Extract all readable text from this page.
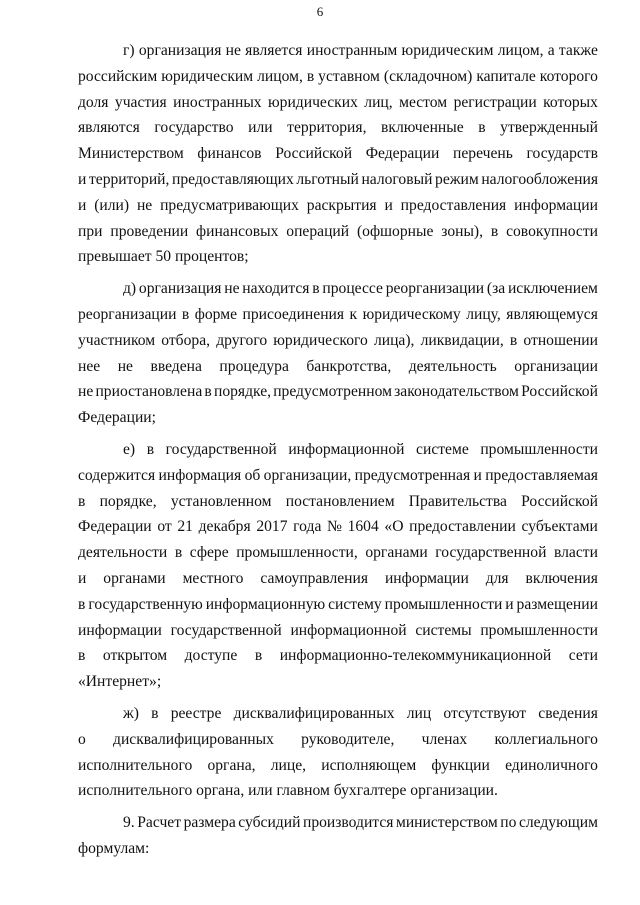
6
г) организация не является иностранным юридическим лицом, а также
российским юридическим лицом, в уставном (складочном) капитале которого
доля участия иностранных юридических лиц, местом регистрации которых
являются государство или территория, включенные в утвержденный
Министерством финансов Российской Федерации перечень государств
и территорий, предоставляющих льготный налоговый режим налогообложения
и (или) не предусматривающих раскрытия и предоставления информации
при проведении финансовых операций (офшорные зоны), в совокупности
превышает 50 процентов;
д) организация не находится в процессе реорганизации (за исключением
реорганизации в форме присоединения к юридическому лицу, являющемуся
участником отбора, другого юридического лица), ликвидации, в отношении
нее не введена процедура банкротства, деятельность организации
не приостановлена в порядке, предусмотренном законодательством Российской
Федерации;
е) в государственной информационной системе промышленности
содержится информация об организации, предусмотренная и предоставляемая
в порядке, установленном постановлением Правительства Российской
Федерации от 21 декабря 2017 года № 1604 «О предоставлении субъектами
деятельности в сфере промышленности, органами государственной власти
и органами местного самоуправления информации для включения
в государственную информационную систему промышленности и размещении
информации государственной информационной системы промышленности
в открытом доступе в информационно-телекоммуникационной сети
«Интернет»;
ж) в реестре дисквалифицированных лиц отсутствуют сведения
о дисквалифицированных руководителе, членах коллегиального
исполнительного органа, лице, исполняющем функции единоличного
исполнительного органа, или главном бухгалтере организации.
9. Расчет размера субсидий производится министерством по следующим
формулам:
